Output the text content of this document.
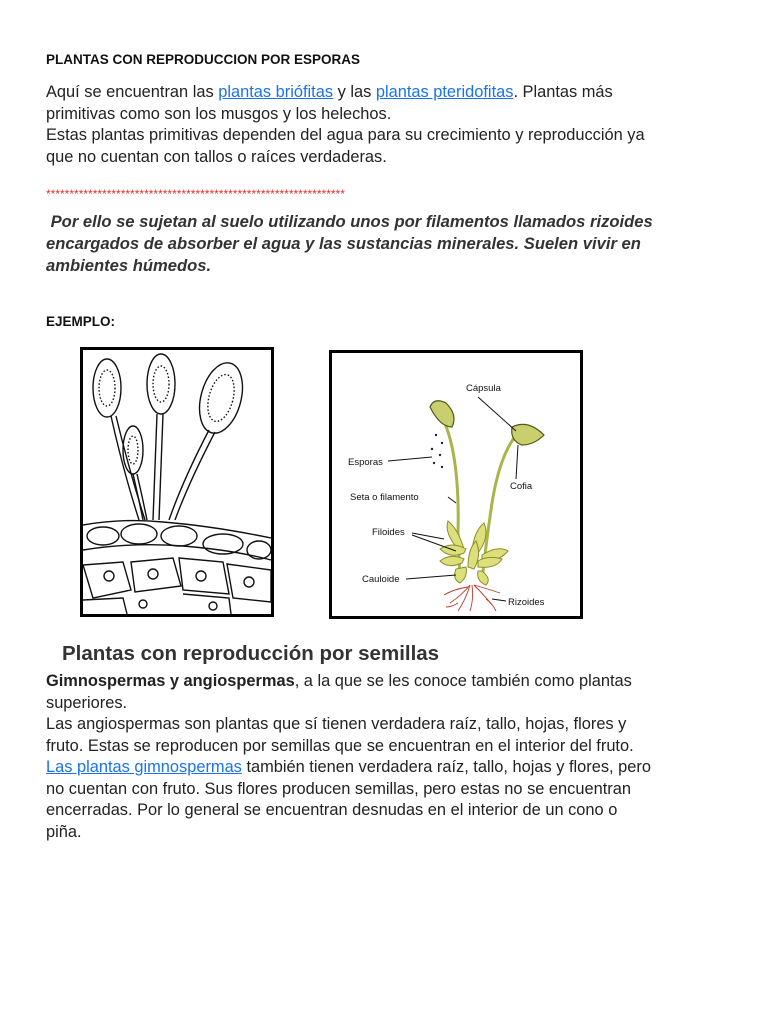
PLANTAS CON REPRODUCCION POR ESPORAS
Aquí se encuentran las plantas briófitas y las plantas pteridofitas. Plantas más
primitivas como son los musgos y los helechos.
Estas plantas primitivas dependen del agua para su crecimiento y reproducción ya
que no cuentan con tallos o raíces verdaderas.
****************************************************************
Por ello se sujetan al suelo utilizando unos por filamentos llamados rizoides
encargados de absorber el agua y las sustancias minerales. Suelen vivir en
ambientes húmedos.
EJEMPLO:
Cápsula
Esporas
Cofia
Seta o filamento
Filoides
Cauloide
Rizoides
Plantas con reproducción por semillas
Gimnospermas y angiospermas, a la que se les conoce también como plantas
superiores.
Las angiospermas son plantas que sí tienen verdadera raíz, tallo, hojas, flores y
fruto. Estas se reproducen por semillas que se encuentran en el interior del fruto.
Las plantas gimnospermas también tienen verdadera raíz, tallo, hojas y flores, pero
no cuentan con fruto. Sus flores producen semillas, pero estas no se encuentran
encerradas. Por lo general se encuentran desnudas en el interior de un cono o
piña.
